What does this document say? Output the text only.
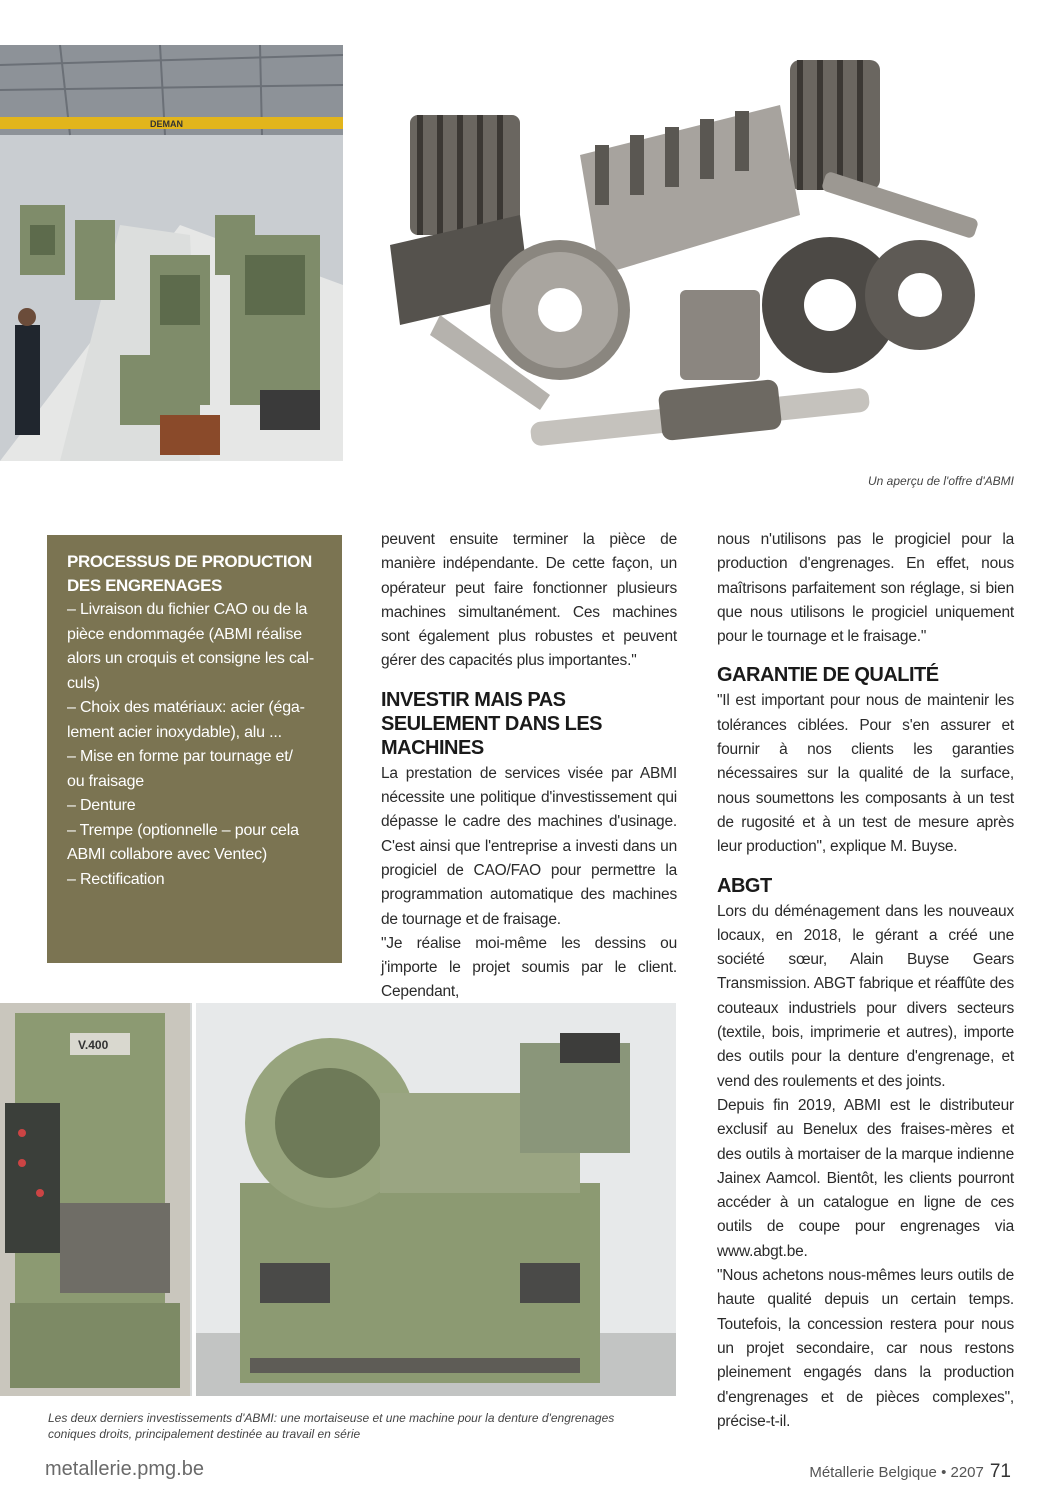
DEMAN
Un aperçu de l'offre d'ABMI
PROCESSUS DE PRODUCTION
DES ENGRENAGES
– Livraison du fichier CAO ou de la
pièce endommagée (ABMI réalise
alors un croquis et consigne les cal-
culs)
– Choix des matériaux: acier (éga-
lement acier inoxydable), alu ...
– Mise en forme par tournage et/
ou fraisage
– Denture
– Trempe (optionnelle – pour cela
ABMI collabore avec Ventec)
– Rectification

peuvent ensuite terminer la pièce de manière indépendante. De cette façon, un opérateur peut faire fonctionner plusieurs machines simultanément. Ces machines sont également plus robustes et peuvent gérer des capacités plus importantes."

INVESTIR MAIS PAS SEULEMENT DANS LES MACHINES

La prestation de services visée par ABMI nécessite une politique d'investissement qui dépasse le cadre des machines d'usinage. C'est ainsi que l'entreprise a investi dans un progiciel de CAO/FAO pour permettre la programmation automatique des machines de tournage et de fraisage.

"Je réalise moi-même les dessins ou j'importe le projet soumis par le client. Cependant,

nous n'utilisons pas le progiciel pour la production d'engrenages. En effet, nous maîtrisons parfaitement son réglage, si bien que nous utilisons le progiciel uniquement pour le tournage et le fraisage."

GARANTIE DE QUALITÉ

"Il est important pour nous de maintenir les tolérances ciblées. Pour s'en assurer et fournir à nos clients les garanties nécessaires sur la qualité de la surface, nous soumettons les composants à un test de rugosité et à un test de mesure après leur production", explique M. Buyse.

ABGT

Lors du déménagement dans les nouveaux locaux, en 2018, le gérant a créé une société sœur, Alain Buyse Gears Transmission. ABGT fabrique et réaffûte des couteaux industriels pour divers secteurs (textile, bois, imprimerie et autres), importe des outils pour la denture d'engrenage, et vend des roulements et des joints.

Depuis fin 2019, ABMI est le distributeur exclusif au Benelux des fraises-mères et des outils à mortaiser de la marque indienne Jainex Aamcol. Bientôt, les clients pourront accéder à un catalogue en ligne de ces outils de coupe pour engrenages via www.abgt.be.

"Nous achetons nous-mêmes leurs outils de haute qualité depuis un certain temps. Toutefois, la concession restera pour nous un projet secondaire, car nous restons pleinement engagés dans la production d'engrenages et de pièces complexes", précise-t-il.

V.400
Les deux derniers investissements d'ABMI: une mortaiseuse et une machine pour la denture d'engrenages
coniques droits, principalement destinée au travail en série
metallerie.pmg.be	Métallerie Belgique • 2207 71
